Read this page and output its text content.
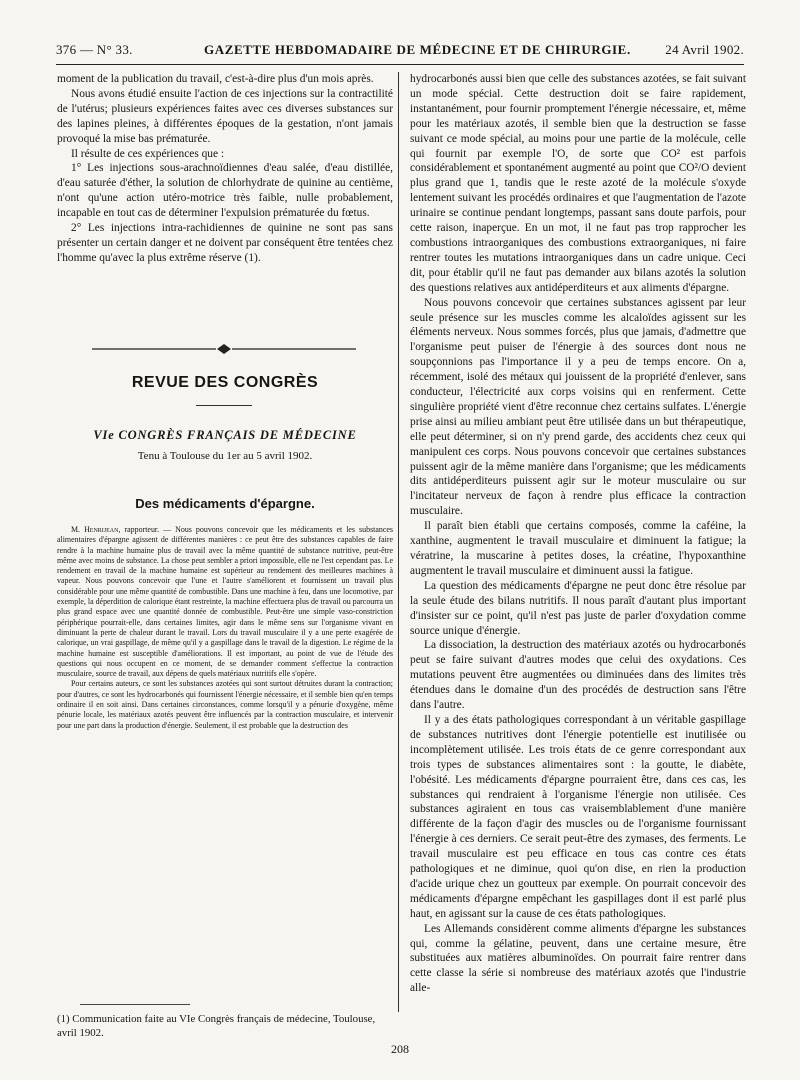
376 — N° 33.	GAZETTE HEBDOMADAIRE DE MÉDECINE ET DE CHIRURGIE.	24 Avril 1902.

moment de la publication du travail, c'est-à-dire plus d'un mois après.

Nous avons étudié ensuite l'action de ces injections sur la contractilité de l'utérus; plusieurs expériences faites avec ces diverses substances sur des lapines pleines, à différentes époques de la gestation, n'ont jamais provoqué la mise bas prématurée.

Il résulte de ces expériences que :

1° Les injections sous-arachnoïdiennes d'eau salée, d'eau distillée, d'eau saturée d'éther, la solution de chlorhydrate de quinine au centième, n'ont qu'une action utéro-motrice très faible, nulle probablement, incapable en tout cas de déterminer l'expulsion prématurée du fœtus.

2° Les injections intra-rachidiennes de quinine ne sont pas sans présenter un certain danger et ne doivent par conséquent être tentées chez l'homme qu'avec la plus extrême réserve (1).

REVUE DES CONGRÈS
VIe CONGRÈS FRANÇAIS DE MÉDECINE
Tenu à Toulouse du 1er au 5 avril 1902.
Des médicaments d'épargne.

M. Henrijean, rapporteur. — Nous pouvons concevoir que les médicaments et les substances alimentaires d'épargne agissent de différentes manières : ce peut être des substances capables de faire rendre à la machine humaine plus de travail avec la même quantité de substance nutritive, peut-être même avec moins de substance. La chose peut sembler a priori impossible, elle ne l'est cependant pas. Le rendement en travail de la machine humaine est supérieur au rendement des meilleures machines à vapeur. Nous pouvons concevoir que l'une et l'autre s'améliorent et fournissent un travail plus considérable pour une même quantité de combustible. Dans une machine à feu, dans une locomotive, par exemple, la déperdition de calorique étant restreinte, la machine effectuera plus de travail ou parcourra un plus grand espace avec une quantité donnée de combustible. Peut-être une simple vaso-constriction périphérique pourrait-elle, dans certaines limites, agir dans le même sens sur l'organisme vivant en diminuant la perte de chaleur durant le travail. Lors du travail musculaire il y a une perte exagérée de calorique, un vrai gaspillage, de même qu'il y a gaspillage dans le travail de la digestion. Le régime de la machine humaine est susceptible d'améliorations. Il est important, au point de vue de l'étude des questions qui nous occupent en ce moment, de se demander comment s'effectue la contraction musculaire, source de travail, aux dépens de quels matériaux nutritifs elle s'opère.

Pour certains auteurs, ce sont les substances azotées qui sont surtout détruites durant la contraction; pour d'autres, ce sont les hydrocarbonés qui fournissent l'énergie nécessaire, et il semble bien qu'en temps ordinaire il en soit ainsi. Dans certaines circonstances, comme lorsqu'il y a pénurie d'oxygène, même pénurie locale, les matériaux azotés peuvent être influencés par la contraction musculaire, et intervenir pour une part dans la production d'énergie. Seulement, il est probable que la destruction des

(1) Communication faite au VIe Congrès français de médecine, Toulouse, avril 1902.

hydrocarbonés aussi bien que celle des substances azotées, se fait suivant un mode spécial. Cette destruction doit se faire rapidement, instantanément, pour fournir promptement l'énergie nécessaire, et, même pour les matériaux azotés, il semble bien que la destruction se fasse suivant ce mode spécial, au moins pour une partie de la molécule, celle qui fournit par exemple l'O, de sorte que CO² est parfois considérablement et spontanément augmenté au point que CO²/O devient plus grand que 1, tandis que le reste azoté de la molécule s'oxyde lentement suivant les procédés ordinaires et que l'augmentation de l'azote urinaire se continue pendant longtemps, passant sans doute parfois, pour cette raison, inaperçue. En un mot, il ne faut pas trop rapprocher les combustions intraorganiques des combustions extraorganiques, ni faire rentrer toutes les mutations intraorganiques dans un cadre unique. Ceci dit, pour établir qu'il ne faut pas demander aux bilans azotés la solution des questions relatives aux antidéperditeurs et aux aliments d'épargne.

Nous pouvons concevoir que certaines substances agissent par leur seule présence sur les muscles comme les alcaloïdes agissent sur les éléments nerveux. Nous sommes forcés, plus que jamais, d'admettre que l'organisme peut puiser de l'énergie à des sources dont nous ne soupçonnions pas l'importance il y a peu de temps encore. On a, récemment, isolé des métaux qui jouissent de la propriété d'enlever, sans conducteur, l'électricité aux corps voisins qui en renferment. Cette singulière propriété vient d'être reconnue chez certains sulfates. L'énergie prise ainsi au milieu ambiant peut être utilisée dans un but thérapeutique, elle peut déterminer, si on n'y prend garde, des accidents chez ceux qui manipulent ces corps. Nous pouvons concevoir que certaines substances puissent agir de la même manière dans l'organisme; que les médicaments dits antidéperditeurs puissent agir sur le moteur musculaire ou sur l'incitateur nerveux de façon à rendre plus efficace la contraction musculaire.

Il paraît bien établi que certains composés, comme la caféine, la xanthine, augmentent le travail musculaire et diminuent la fatigue; la vératrine, la muscarine à petites doses, la créatine, l'hypoxanthine augmentent le travail musculaire et diminuent aussi la fatigue.

La question des médicaments d'épargne ne peut donc être résolue par la seule étude des bilans nutritifs. Il nous paraît d'autant plus important d'insister sur ce point, qu'il n'est pas juste de parler d'oxydation comme source unique d'énergie.

La dissociation, la destruction des matériaux azotés ou hydrocarbonés peut se faire suivant d'autres modes que celui des oxydations. Ces mutations peuvent être augmentées ou diminuées dans des limites très étendues dans le domaine d'un des procédés de destruction sans l'être dans l'autre.

Il y a des états pathologiques correspondant à un véritable gaspillage de substances nutritives dont l'énergie potentielle est inutilisée ou incomplètement utilisée. Les trois états de ce genre correspondant aux trois types de substances alimentaires sont : la goutte, le diabète, l'obésité. Les médicaments d'épargne pourraient être, dans ces cas, les substances qui rendraient à l'organisme l'énergie non utilisée. Ces substances agiraient en tous cas vraisemblablement d'une manière différente de la façon d'agir des muscles ou de l'organisme fournissant l'énergie à ces derniers. Ce serait peut-être des zymases, des ferments. Le travail musculaire est peu efficace en tous cas contre ces états pathologiques et ne diminue, quoi qu'on dise, en rien la production d'acide urique chez un goutteux par exemple. On pourrait concevoir des médicaments d'épargne empêchant les gaspillages dont il est parlé plus haut, en agissant sur la cause de ces états pathologiques.

Les Allemands considèrent comme aliments d'épargne les substances qui, comme la gélatine, peuvent, dans une certaine mesure, être substituées aux matières albuminoïdes. On pourrait faire rentrer dans cette classe la série si nombreuse des matériaux azotés que l'industrie alle-

208
